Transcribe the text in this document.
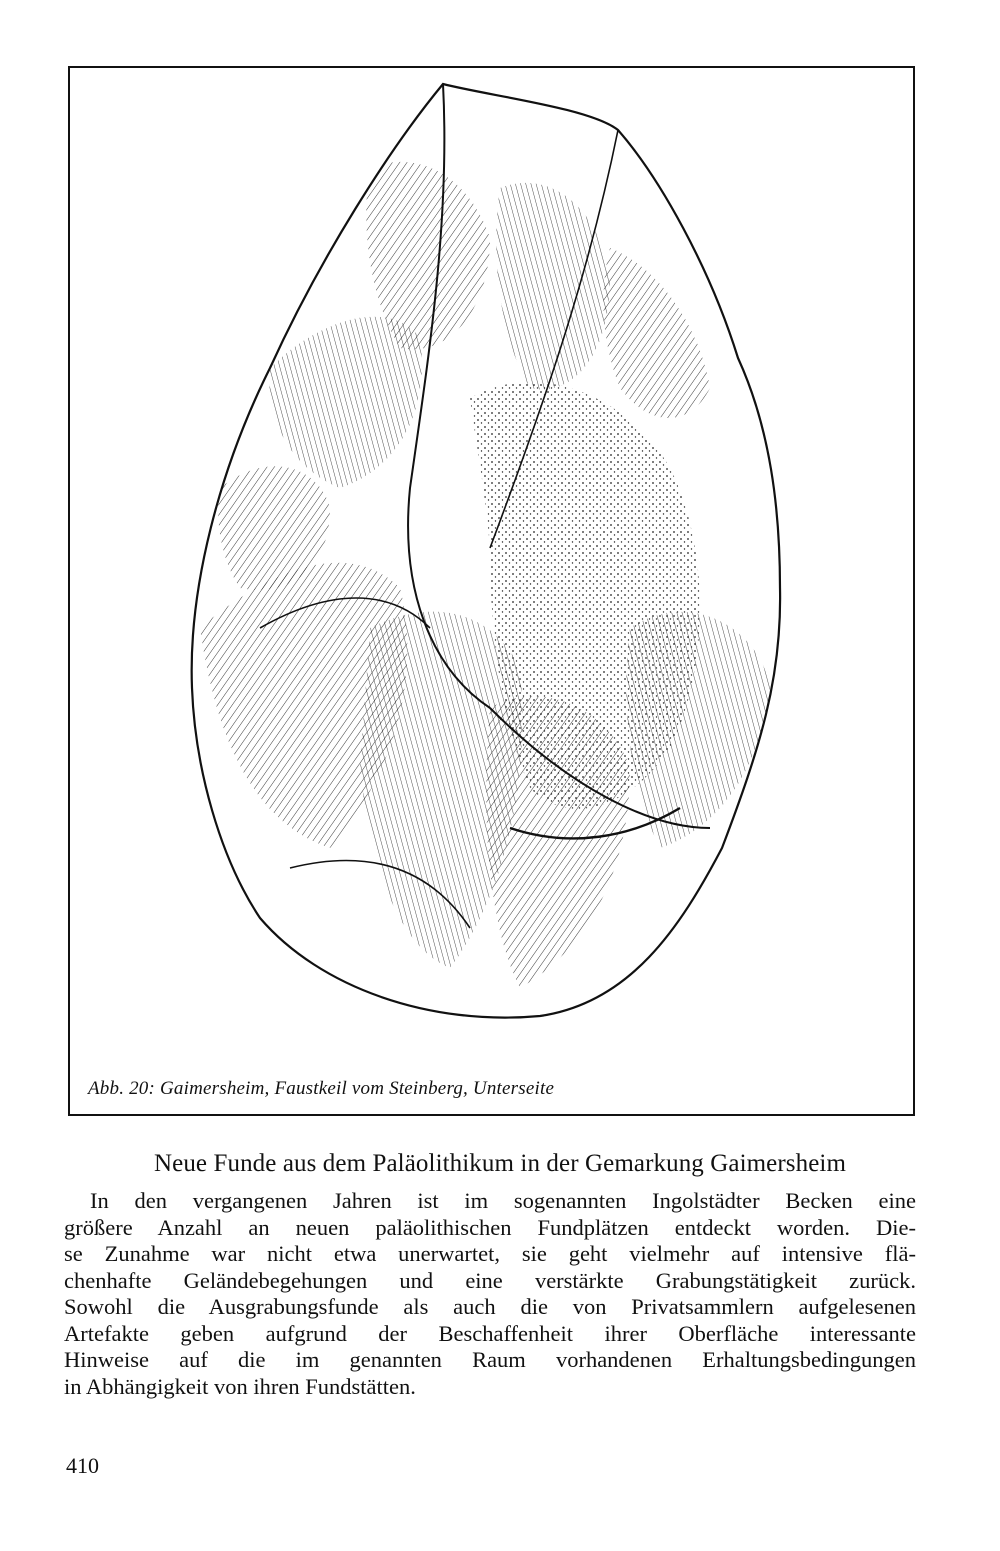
Abb. 20: Gaimersheim, Faustkeil vom Steinberg, Unterseite
Neue Funde aus dem Paläolithikum in der Gemarkung Gaimersheim
In den vergangenen Jahren ist im sogenannten Ingolstädter Becken eine
größere Anzahl an neuen paläolithischen Fundplätzen entdeckt worden. Die-
se Zunahme war nicht etwa unerwartet, sie geht vielmehr auf intensive flä-
chenhafte Geländebegehungen und eine verstärkte Grabungstätigkeit zurück.
Sowohl die Ausgrabungsfunde als auch die von Privatsammlern aufgelesenen
Artefakte geben aufgrund der Beschaffenheit ihrer Oberfläche interessante
Hinweise auf die im genannten Raum vorhandenen Erhaltungsbedingungen
in Abhängigkeit von ihren Fundstätten.
410
